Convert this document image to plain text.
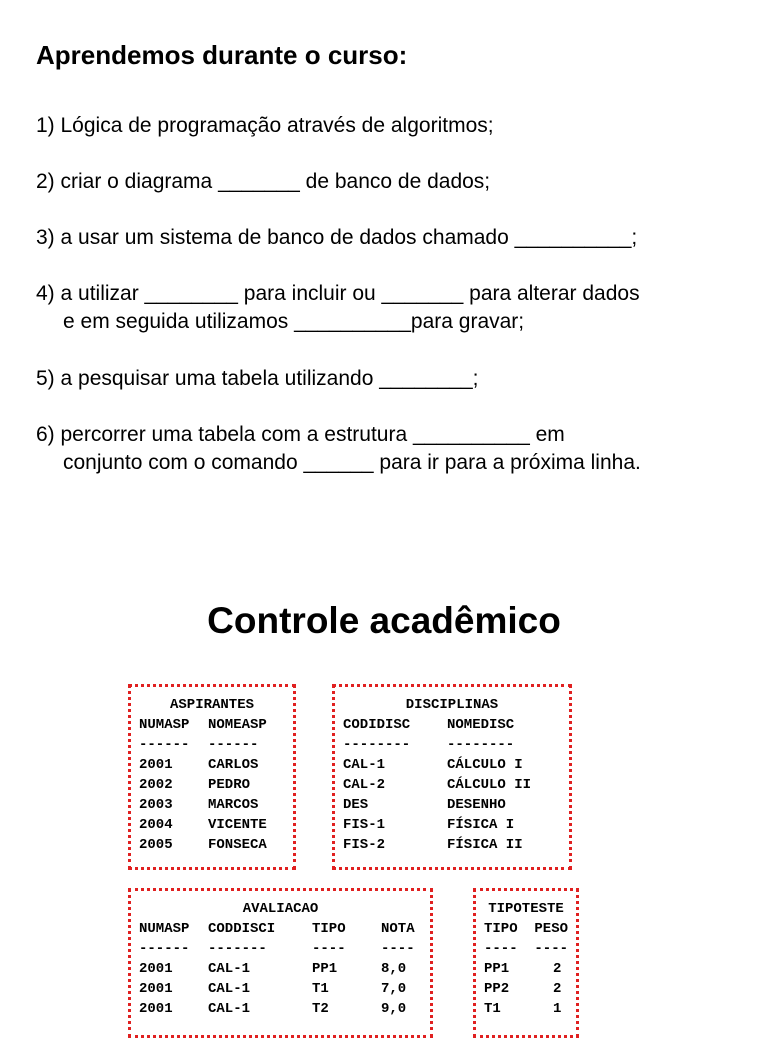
Aprendemos durante o curso:
1) Lógica de programação através de algoritmos;
2) criar o diagrama _______ de banco de dados;
3) a usar um sistema de banco de dados chamado __________;
4) a utilizar ________ para incluir ou _______ para alterar dados
e em seguida utilizamos __________para gravar;
5) a pesquisar uma tabela utilizando ________;
6) percorrer uma tabela com a estrutura __________ em
conjunto com o comando ______ para ir para a próxima linha.
Controle acadêmico
ASPIRANTES
NUMASP	NOMEASP
------	------
2001	CARLOS
2002	PEDRO
2003	MARCOS
2004	VICENTE
2005	FONSECA
DISCIPLINAS
CODIDISC	NOMEDISC
--------	--------
CAL-1	CÁLCULO I
CAL-2	CÁLCULO II
DES	DESENHO
FIS-1	FÍSICA I
FIS-2	FÍSICA II
AVALIACAO
NUMASP	CODDISCI	TIPO	NOTA
------	-------	----	----
2001	CAL-1	PP1	8,0
2001	CAL-1	T1	7,0
2001	CAL-1	T2	9,0
TIPOTESTE
TIPO	PESO
----	----
PP1	2
PP2	2
T1	1
